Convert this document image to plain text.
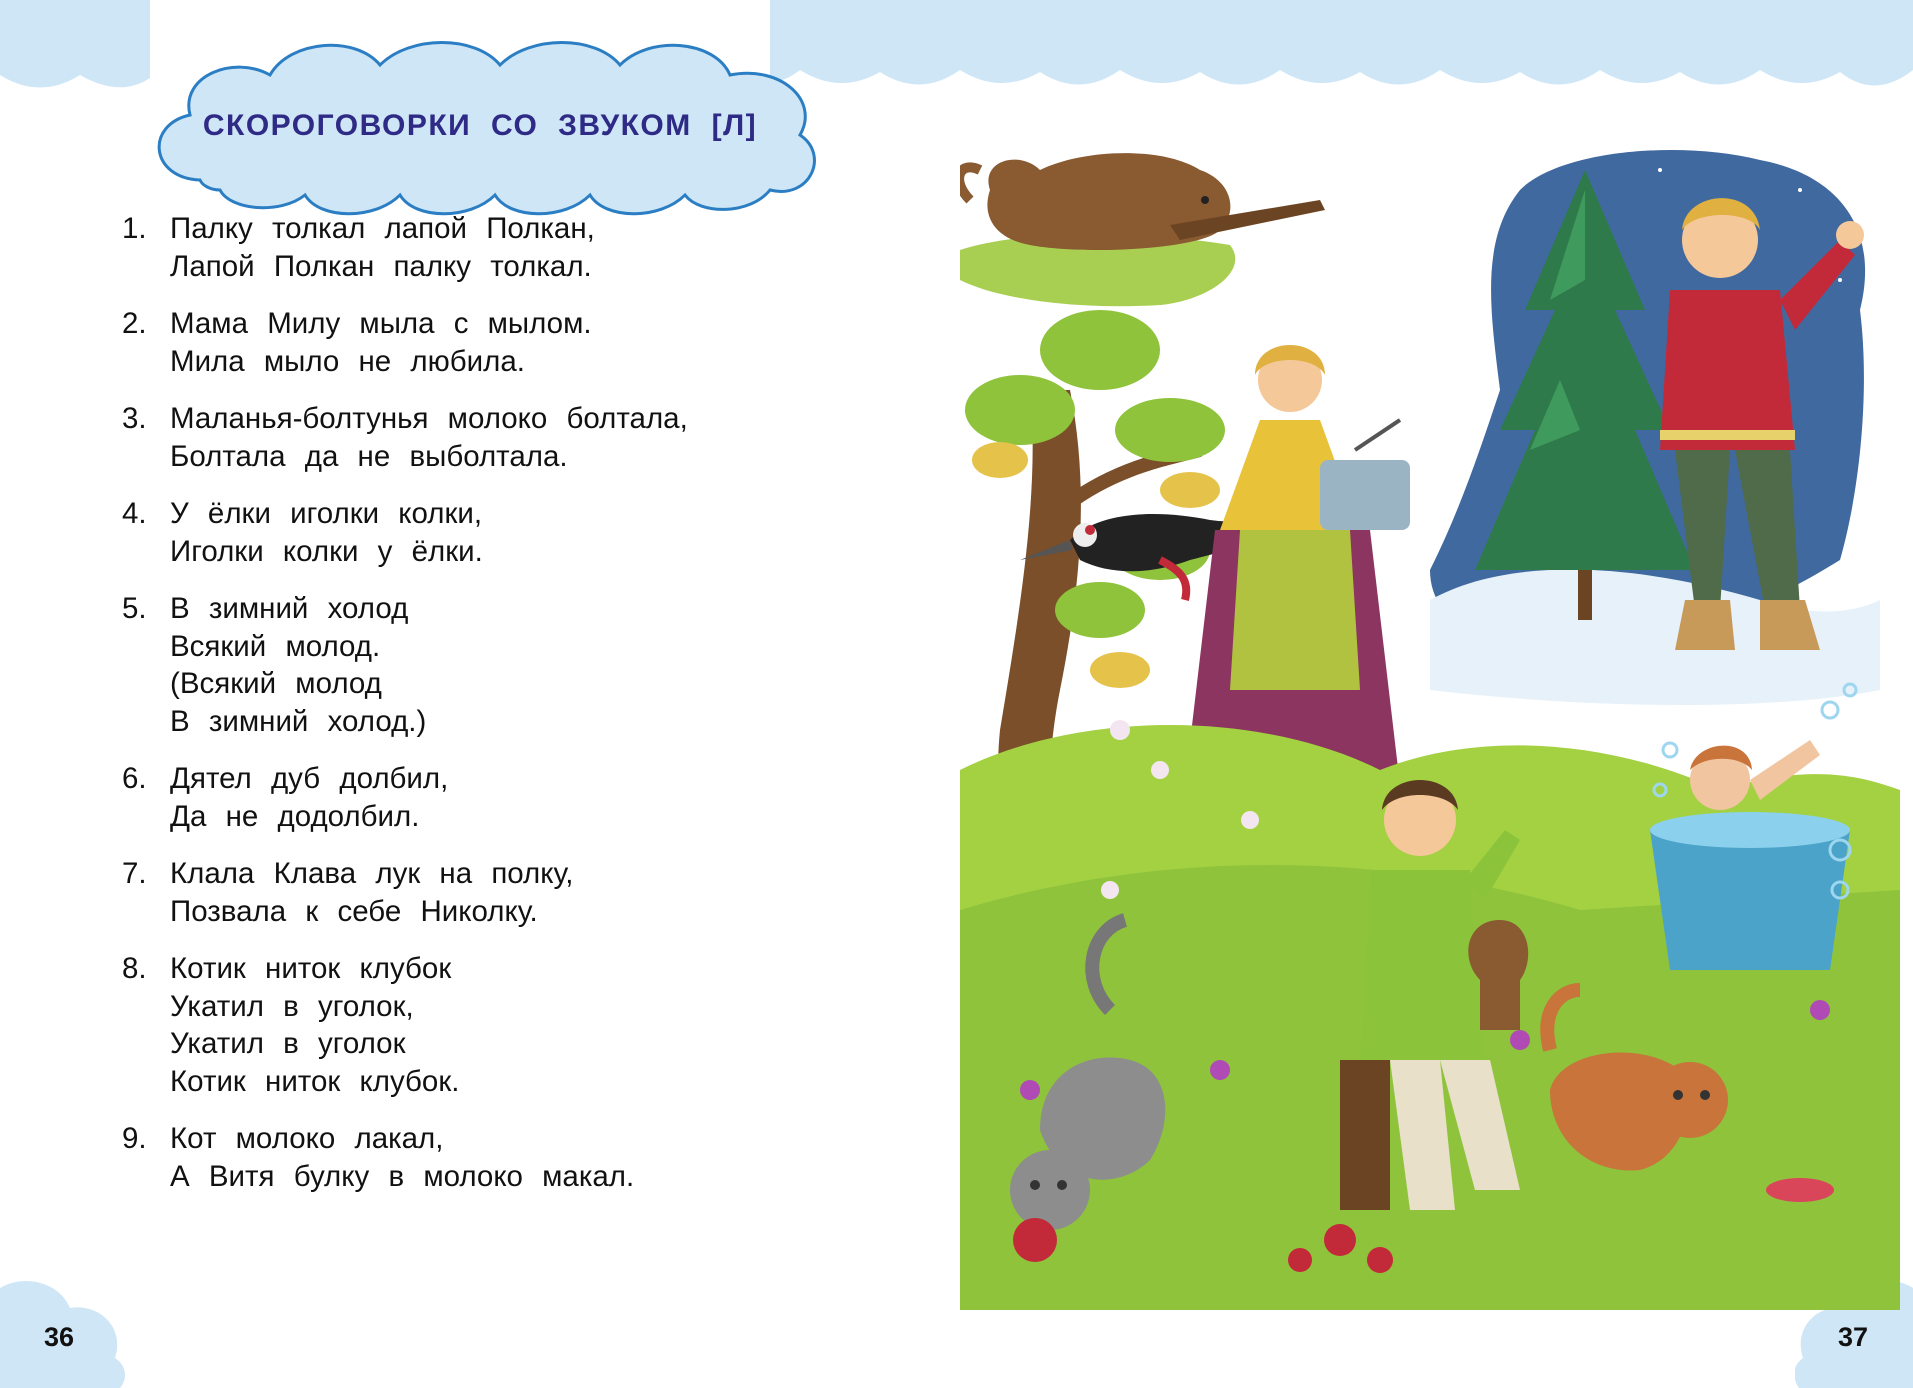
СКОРОГОВОРКИ СО ЗВУКОМ [Л]
1. Палку толкал лапой Полкан,
Лапой Полкан палку толкал.
2. Мама Милу мыла с мылом.
Мила мыло не любила.
3. Маланья-болтунья молоко болтала,
Болтала да не выболтала.
4. У ёлки иголки колки,
Иголки колки у ёлки.
5. В зимний холод
Всякий молод.
(Всякий молод
В зимний холод.)
6. Дятел дуб долбил,
Да не додолбил.
7. Клала Клава лук на полку,
Позвала к себе Николку.
8. Котик ниток клубок
Укатил в уголок,
Укатил в уголок
Котик ниток клубок.
9. Кот молоко лакал,
А Витя булку в молоко макал.
36	37
